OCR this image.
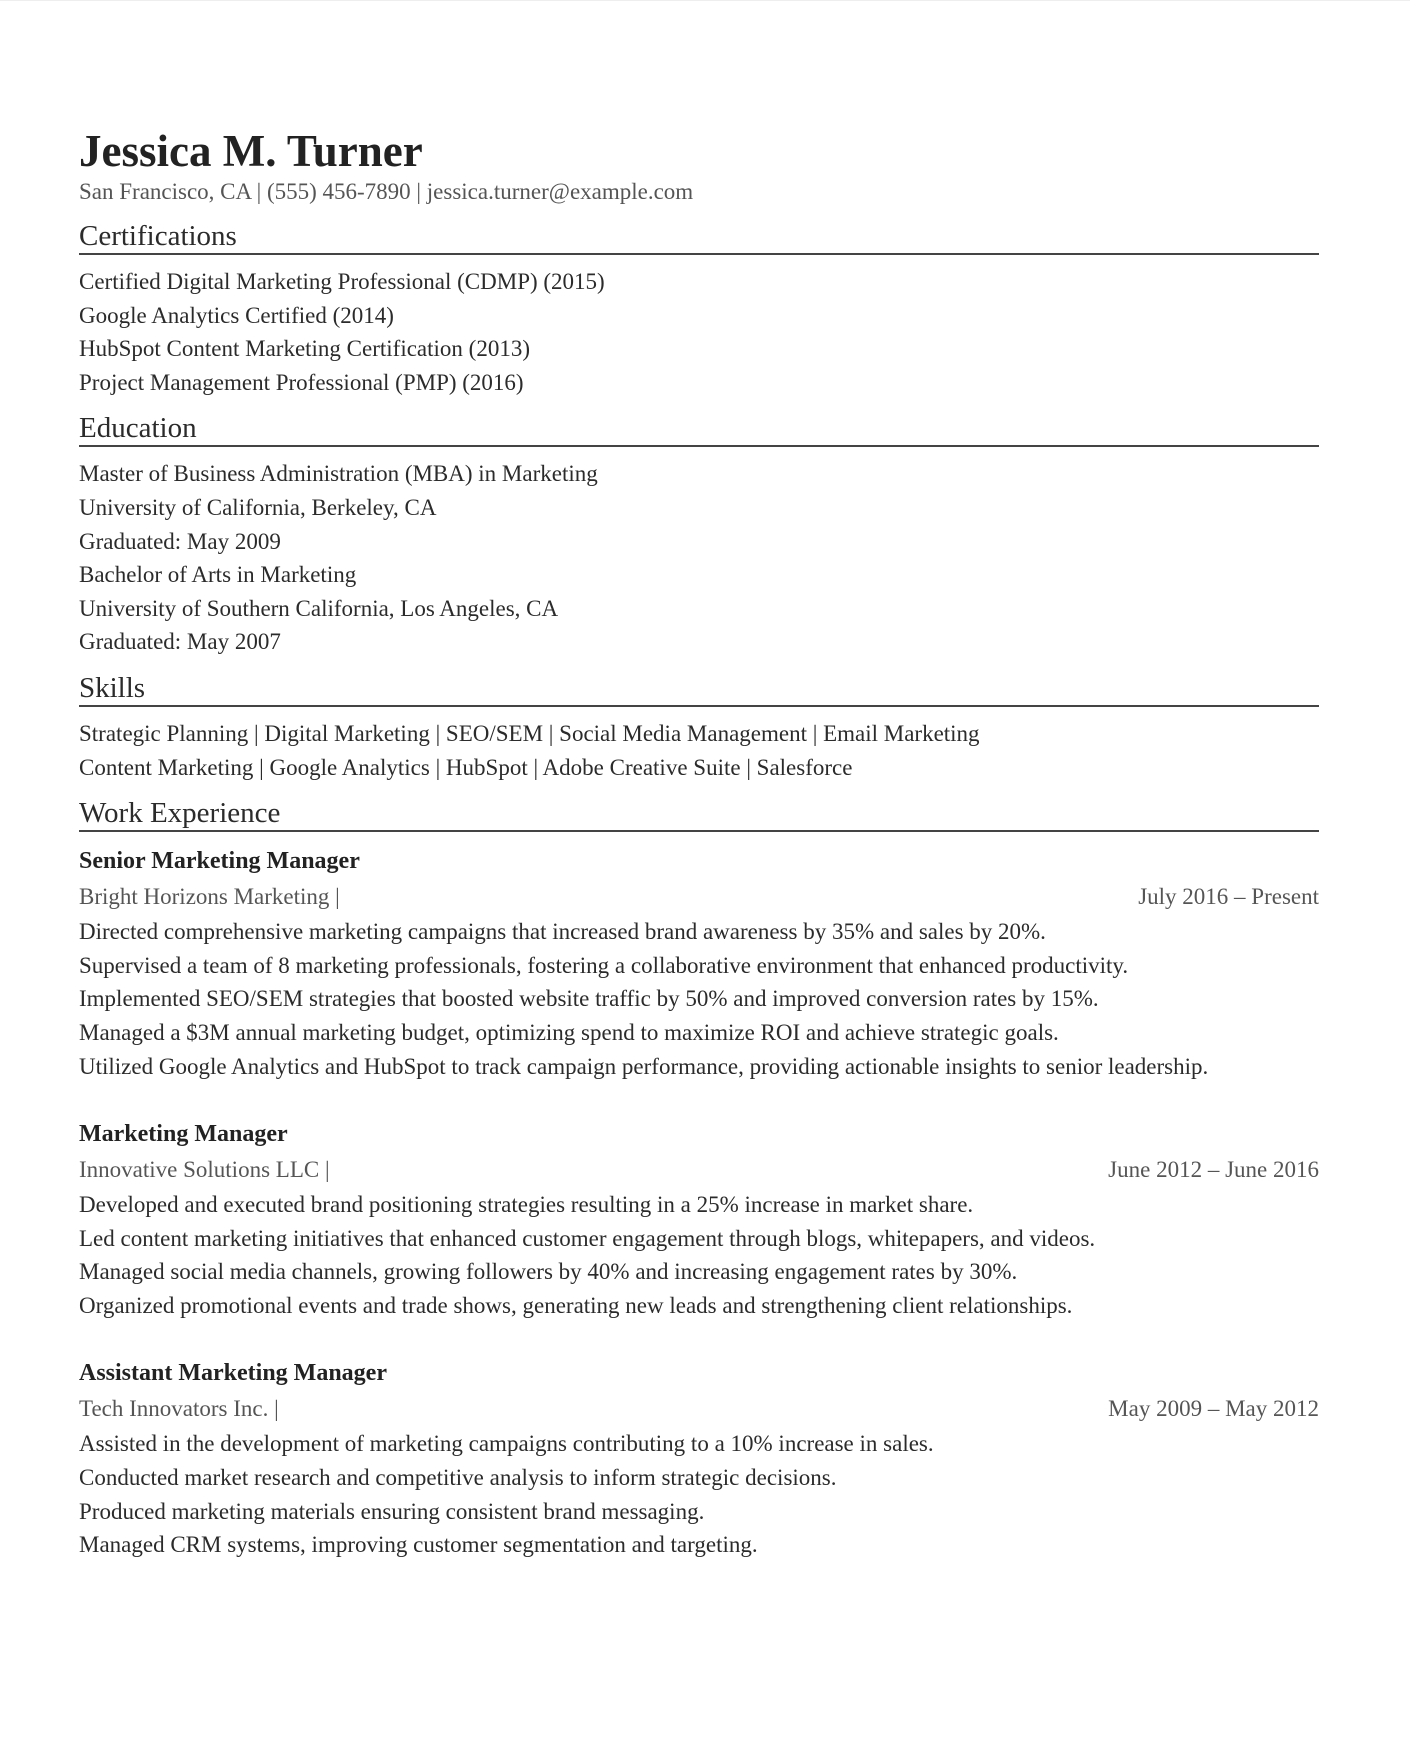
Jessica M. Turner
San Francisco, CA | (555) 456-7890 | jessica.turner@example.com
Certifications
Certified Digital Marketing Professional (CDMP) (2015)
Google Analytics Certified (2014)
HubSpot Content Marketing Certification (2013)
Project Management Professional (PMP) (2016)
Education
Master of Business Administration (MBA) in Marketing
University of California, Berkeley, CA
Graduated: May 2009
Bachelor of Arts in Marketing
University of Southern California, Los Angeles, CA
Graduated: May 2007
Skills
Strategic Planning | Digital Marketing | SEO/SEM | Social Media Management | Email Marketing
Content Marketing | Google Analytics | HubSpot | Adobe Creative Suite | Salesforce
Work Experience
Senior Marketing Manager
Bright Horizons Marketing |	July 2016 – Present
Directed comprehensive marketing campaigns that increased brand awareness by 35% and sales by 20%.
Supervised a team of 8 marketing professionals, fostering a collaborative environment that enhanced productivity.
Implemented SEO/SEM strategies that boosted website traffic by 50% and improved conversion rates by 15%.
Managed a $3M annual marketing budget, optimizing spend to maximize ROI and achieve strategic goals.
Utilized Google Analytics and HubSpot to track campaign performance, providing actionable insights to senior leadership.
Marketing Manager
Innovative Solutions LLC |	June 2012 – June 2016
Developed and executed brand positioning strategies resulting in a 25% increase in market share.
Led content marketing initiatives that enhanced customer engagement through blogs, whitepapers, and videos.
Managed social media channels, growing followers by 40% and increasing engagement rates by 30%.
Organized promotional events and trade shows, generating new leads and strengthening client relationships.
Assistant Marketing Manager
Tech Innovators Inc. |	May 2009 – May 2012
Assisted in the development of marketing campaigns contributing to a 10% increase in sales.
Conducted market research and competitive analysis to inform strategic decisions.
Produced marketing materials ensuring consistent brand messaging.
Managed CRM systems, improving customer segmentation and targeting.
